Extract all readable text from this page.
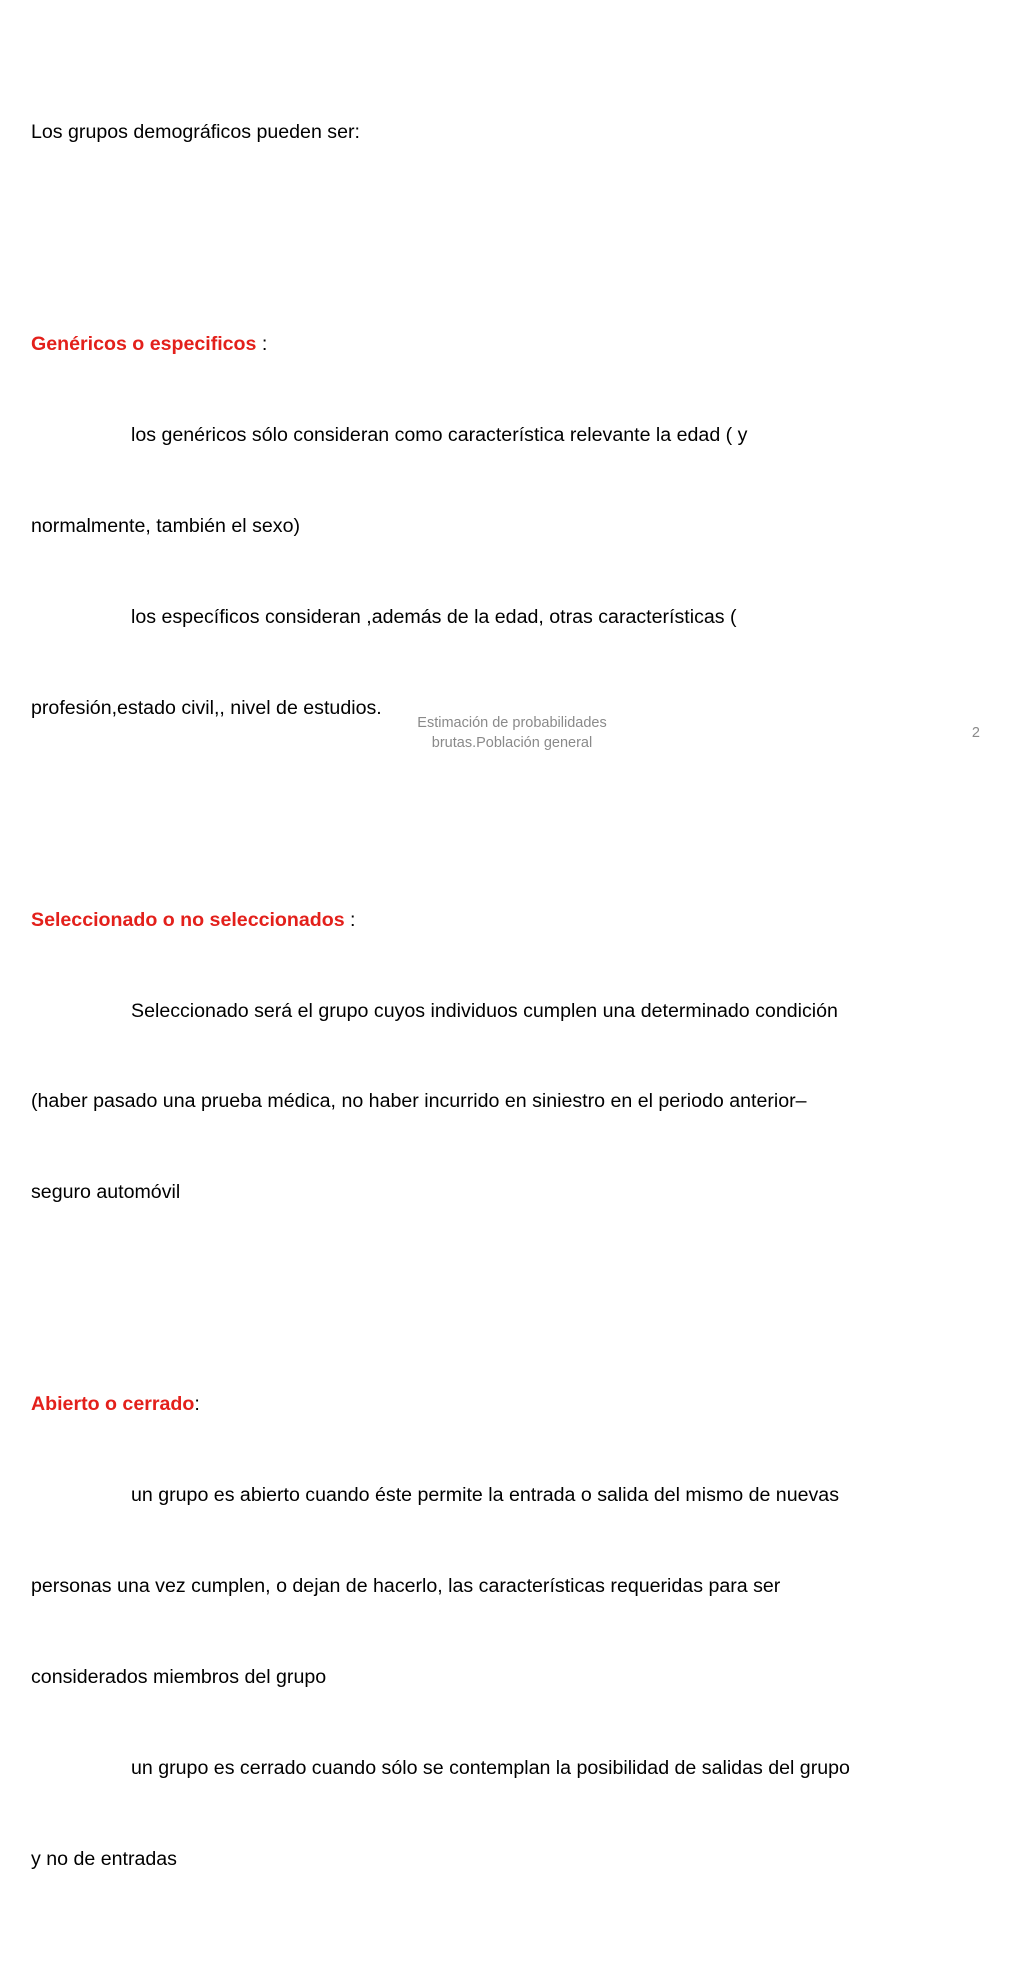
Los grupos demográficos pueden ser:

Genéricos o especificos :

los genéricos sólo consideran como característica relevante la edad ( y

normalmente, también el sexo)

los específicos consideran ,además de la edad, otras características (

profesión,estado civil,, nivel de estudios.

Seleccionado o no seleccionados :

Seleccionado será el grupo cuyos individuos cumplen una determinado condición

(haber pasado una prueba médica, no haber incurrido en siniestro en el periodo anterior–

seguro automóvil

Abierto o cerrado:

un grupo es abierto cuando éste permite la entrada o salida del mismo de nuevas

personas una vez cumplen, o dejan de hacerlo, las características requeridas para ser

considerados miembros del grupo

un grupo es cerrado cuando sólo se contemplan la posibilidad de salidas del grupo

y no de entradas

Estimación de probabilidades
brutas.Población general
2
